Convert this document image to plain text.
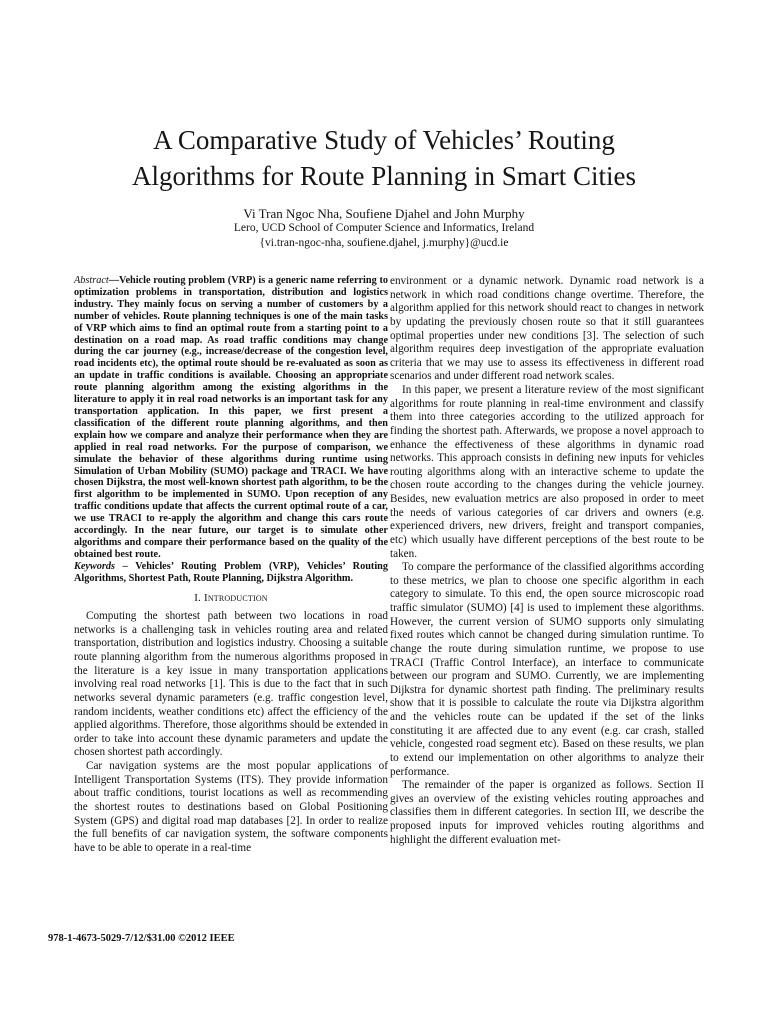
A Comparative Study of Vehicles’ Routing
Algorithms for Route Planning in Smart Cities
Vi Tran Ngoc Nha, Soufiene Djahel and John Murphy
Lero, UCD School of Computer Science and Informatics, Ireland
{vi.tran-ngoc-nha, soufiene.djahel, j.murphy}@ucd.ie

Abstract—Vehicle routing problem (VRP) is a generic name referring to optimization problems in transportation, distribution and logistics industry. They mainly focus on serving a number of customers by a number of vehicles. Route planning techniques is one of the main tasks of VRP which aims to find an optimal route from a starting point to a destination on a road map. As road traffic conditions may change during the car journey (e.g., increase/decrease of the congestion level, road incidents etc), the optimal route should be re-evaluated as soon as an update in traffic conditions is available. Choosing an appropriate route planning algorithm among the existing algorithms in the literature to apply it in real road networks is an important task for any transportation application. In this paper, we first present a classification of the different route planning algorithms, and then explain how we compare and analyze their performance when they are applied in real road networks. For the purpose of comparison, we simulate the behavior of these algorithms during runtime using Simulation of Urban Mobility (SUMO) package and TRACI. We have chosen Dijkstra, the most well-known shortest path algorithm, to be the first algorithm to be implemented in SUMO. Upon reception of any traffic conditions update that affects the current optimal route of a car, we use TRACI to re-apply the algorithm and change this cars route accordingly. In the near future, our target is to simulate other algorithms and compare their performance based on the quality of the obtained best route.

Keywords – Vehicles’ Routing Problem (VRP), Vehicles’ Routing Algorithms, Shortest Path, Route Planning, Dijkstra Algorithm.

I. Introduction

Computing the shortest path between two locations in road networks is a challenging task in vehicles routing area and related transportation, distribution and logistics industry. Choosing a suitable route planning algorithm from the numerous algorithms proposed in the literature is a key issue in many transportation applications involving real road networks [1]. This is due to the fact that in such networks several dynamic parameters (e.g. traffic congestion level, random incidents, weather conditions etc) affect the efficiency of the applied algorithms. Therefore, those algorithms should be extended in order to take into account these dynamic parameters and update the chosen shortest path accordingly.

Car navigation systems are the most popular applications of Intelligent Transportation Systems (ITS). They provide information about traffic conditions, tourist locations as well as recommending the shortest routes to destinations based on Global Positioning System (GPS) and digital road map databases [2]. In order to realize the full benefits of car navigation system, the software components have to be able to operate in a real-time

environment or a dynamic network. Dynamic road network is a network in which road conditions change overtime. Therefore, the algorithm applied for this network should react to changes in network by updating the previously chosen route so that it still guarantees optimal properties under new conditions [3]. The selection of such algorithm requires deep investigation of the appropriate evaluation criteria that we may use to assess its effectiveness in different road scenarios and under different road network scales.

In this paper, we present a literature review of the most significant algorithms for route planning in real-time environment and classify them into three categories according to the utilized approach for finding the shortest path. Afterwards, we propose a novel approach to enhance the effectiveness of these algorithms in dynamic road networks. This approach consists in defining new inputs for vehicles routing algorithms along with an interactive scheme to update the chosen route according to the changes during the vehicle journey. Besides, new evaluation metrics are also proposed in order to meet the needs of various categories of car drivers and owners (e.g. experienced drivers, new drivers, freight and transport companies, etc) which usually have different perceptions of the best route to be taken.

To compare the performance of the classified algorithms according to these metrics, we plan to choose one specific algorithm in each category to simulate. To this end, the open source microscopic road traffic simulator (SUMO) [4] is used to implement these algorithms. However, the current version of SUMO supports only simulating fixed routes which cannot be changed during simulation runtime. To change the route during simulation runtime, we propose to use TRACI (Traffic Control Interface), an interface to communicate between our program and SUMO. Currently, we are implementing Dijkstra for dynamic shortest path finding. The preliminary results show that it is possible to calculate the route via Dijkstra algorithm and the vehicles route can be updated if the set of the links constituting it are affected due to any event (e.g. car crash, stalled vehicle, congested road segment etc). Based on these results, we plan to extend our implementation on other algorithms to analyze their performance.

The remainder of the paper is organized as follows. Section II gives an overview of the existing vehicles routing approaches and classifies them in different categories. In section III, we describe the proposed inputs for improved vehicles routing algorithms and highlight the different evaluation met-

978-1-4673-5029-7/12/$31.00 ©2012 IEEE
